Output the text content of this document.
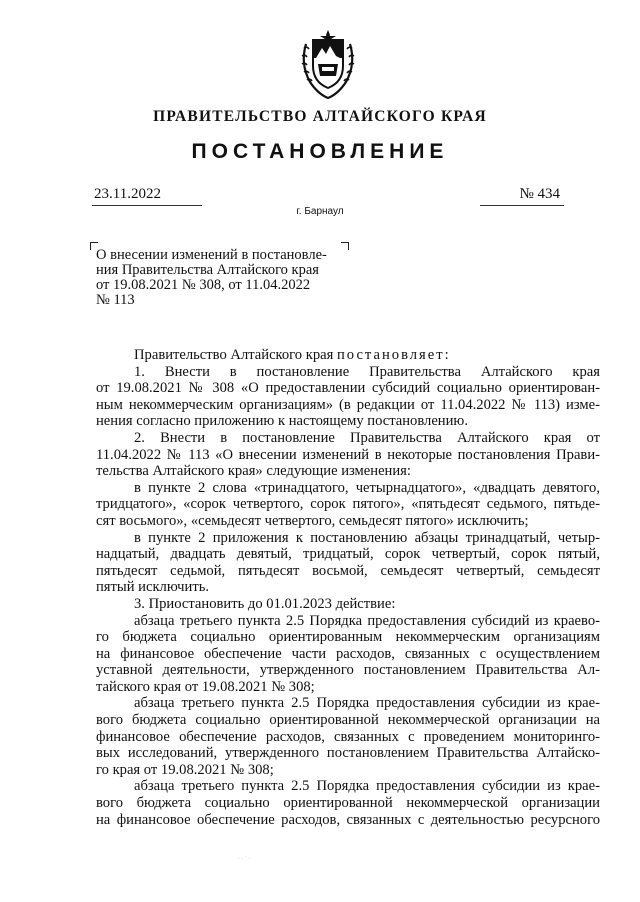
ПРАВИТЕЛЬСТВО АЛТАЙСКОГО КРАЯ
ПОСТАНОВЛЕНИЕ
23.11.2022	№ 434
г. Барнаул
О внесении изменений в постановле-
ния Правительства Алтайского края
от 19.08.2021 № 308, от 11.04.2022
№ 113
Правительство Алтайского края постановляет:
1. Внести в постановление Правительства Алтайского края
от 19.08.2021 № 308 «О предоставлении субсидий социально ориентирован-
ным некоммерческим организациям» (в редакции от 11.04.2022 № 113) изме-
нения согласно приложению к настоящему постановлению.
2. Внести в постановление Правительства Алтайского края от
11.04.2022 № 113 «О внесении изменений в некоторые постановления Прави-
тельства Алтайского края» следующие изменения:
в пункте 2 слова «тринадцатого, четырнадцатого», «двадцать девятого,
тридцатого», «сорок четвертого, сорок пятого», «пятьдесят седьмого, пятьде-
сят восьмого», «семьдесят четвертого, семьдесят пятого» исключить;
в пункте 2 приложения к постановлению абзацы тринадцатый, четыр-
надцатый, двадцать девятый, тридцатый, сорок четвертый, сорок пятый,
пятьдесят седьмой, пятьдесят восьмой, семьдесят четвертый, семьдесят
пятый исключить.
3. Приостановить до 01.01.2023 действие:
абзаца третьего пункта 2.5 Порядка предоставления субсидий из краево-
го бюджета социально ориентированным некоммерческим организациям
на финансовое обеспечение части расходов, связанных с осуществлением
уставной деятельности, утвержденного постановлением Правительства Ал-
тайского края от 19.08.2021 № 308;
абзаца третьего пункта 2.5 Порядка предоставления субсидии из крае-
вого бюджета социально ориентированной некоммерческой организации на
финансовое обеспечение расходов, связанных с проведением мониторинго-
вых исследований, утвержденного постановлением Правительства Алтайско-
го края от 19.08.2021 № 308;
абзаца третьего пункта 2.5 Порядка предоставления субсидии из крае-
вого бюджета социально ориентированной некоммерческой организации
на финансовое обеспечение расходов, связанных с деятельностью ресурсного
· · ˙ ·
